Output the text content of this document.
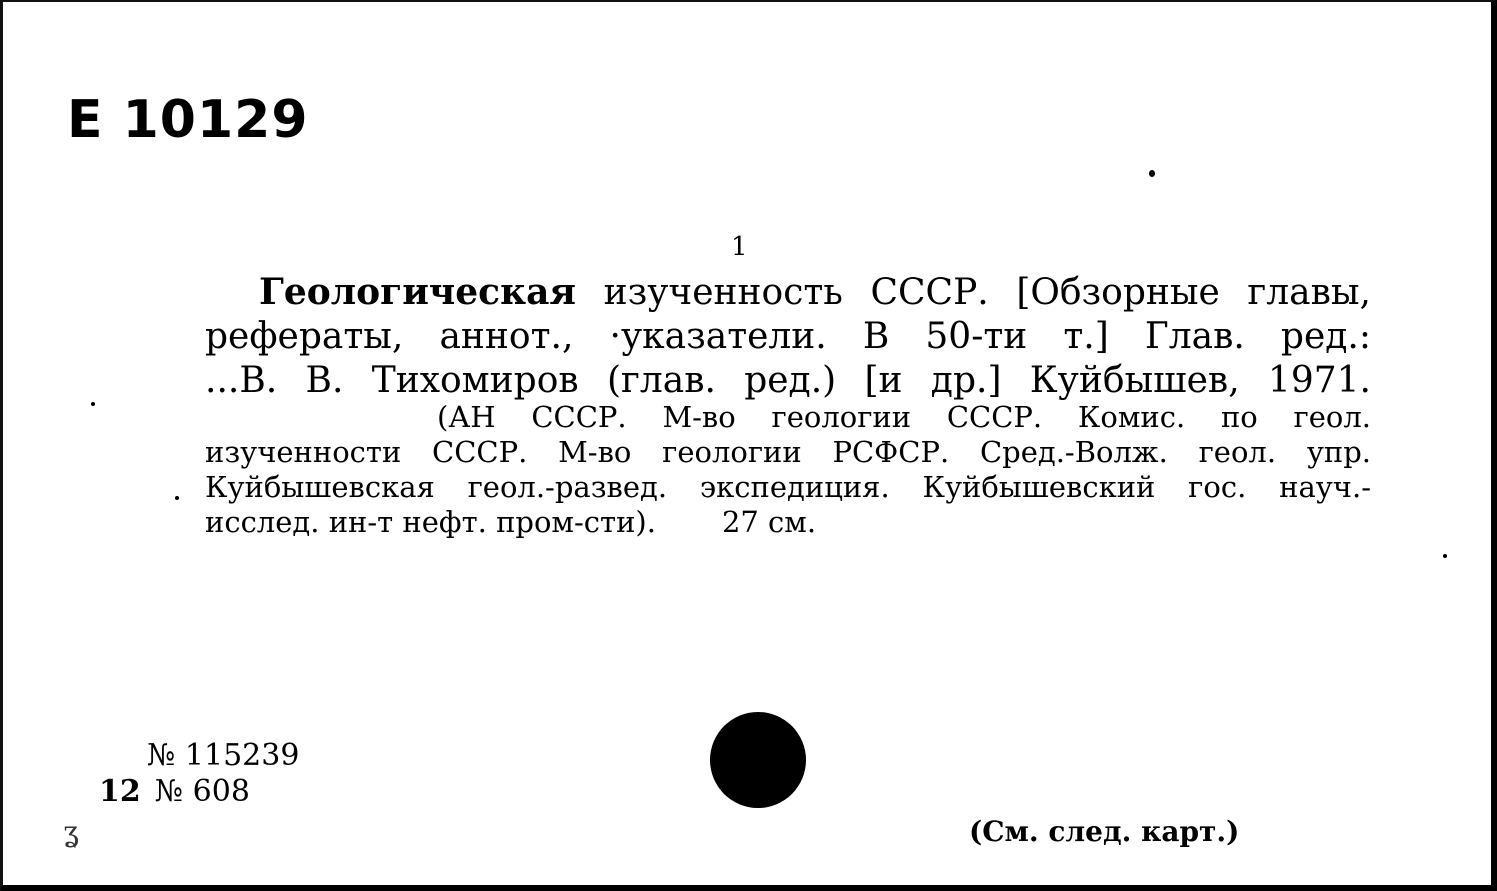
Е 10129
1
Геологическая изученность СССР. [Обзорные главы,
рефераты, аннот., ·указатели. В 50-ти т.] Глав. ред.:
...В. В. Тихомиров (глав. ред.) [и др.] Куйбышев, 1971.
(АН СССР. М-во геологии СССР. Комис. по геол.
изученности СССР. М-во геологии РСФСР. Сред.-Волж. геол. упр.
Куйбышевская геол.-развед. экспедиция. Куйбышевский гос. науч.-
исслед. ин-т нефт. пром-сти). 27 см.
№ 115239
12 № 608
ʓ	(См. след. карт.)
